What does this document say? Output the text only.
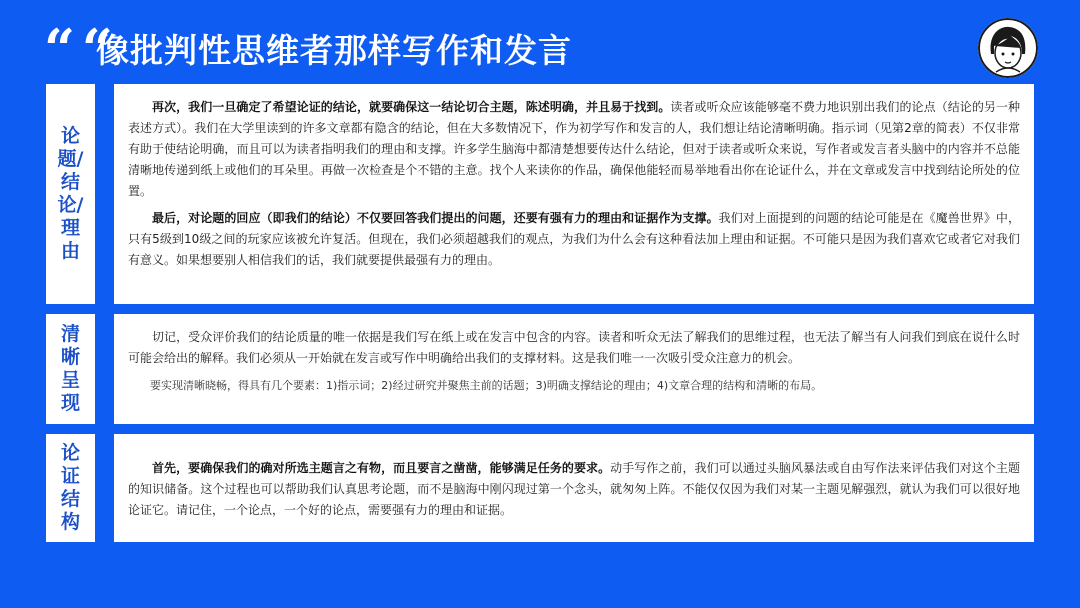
“ “
像批判性思维者那样写作和发言
论题/结论/理由

再次，我们一旦确定了希望论证的结论，就要确保这一结论切合主题，陈述明确，并且易于找到。读者或听众应该能够毫不费力地识别出我们的论点（结论的另一种表述方式）。我们在大学里读到的许多文章都有隐含的结论，但在大多数情况下，作为初学写作和发言的人，我们想让结论清晰明确。指示词（见第2章的简表）不仅非常有助于使结论明确，而且可以为读者指明我们的理由和支撑。许多学生脑海中都清楚想要传达什么结论，但对于读者或听众来说，写作者或发言者头脑中的内容并不总能清晰地传递到纸上或他们的耳朵里。再做一次检查是个不错的主意。找个人来读你的作品，确保他能轻而易举地看出你在论证什么，并在文章或发言中找到结论所处的位置。

最后，对论题的回应（即我们的结论）不仅要回答我们提出的问题，还要有强有力的理由和证据作为支撑。我们对上面提到的问题的结论可能是在《魔兽世界》中，只有5级到10级之间的玩家应该被允许复活。但现在，我们必须超越我们的观点，为我们为什么会有这种看法加上理由和证据。不可能只是因为我们喜欢它或者它对我们有意义。如果想要别人相信我们的话，我们就要提供最强有力的理由。

清晰呈现

切记，受众评价我们的结论质量的唯一依据是我们写在纸上或在发言中包含的内容。读者和听众无法了解我们的思维过程，也无法了解当有人问我们到底在说什么时可能会给出的解释。我们必须从一开始就在发言或写作中明确给出我们的支撑材料。这是我们唯一一次吸引受众注意力的机会。

要实现清晰晓畅，得具有几个要素：1)指示词；2)经过研究并聚焦主前的话题；3)明确支撑结论的理由；4)文章合理的结构和清晰的布局。

论证结构

首先，要确保我们的确对所选主题言之有物，而且要言之凿凿，能够满足任务的要求。动手写作之前，我们可以通过头脑风暴法或自由写作法来评估我们对这个主题的知识储备。这个过程也可以帮助我们认真思考论题，而不是脑海中刚闪现过第一个念头，就匆匆上阵。不能仅仅因为我们对某一主题见解强烈，就认为我们可以很好地论证它。请记住，一个论点，一个好的论点，需要强有力的理由和证据。
